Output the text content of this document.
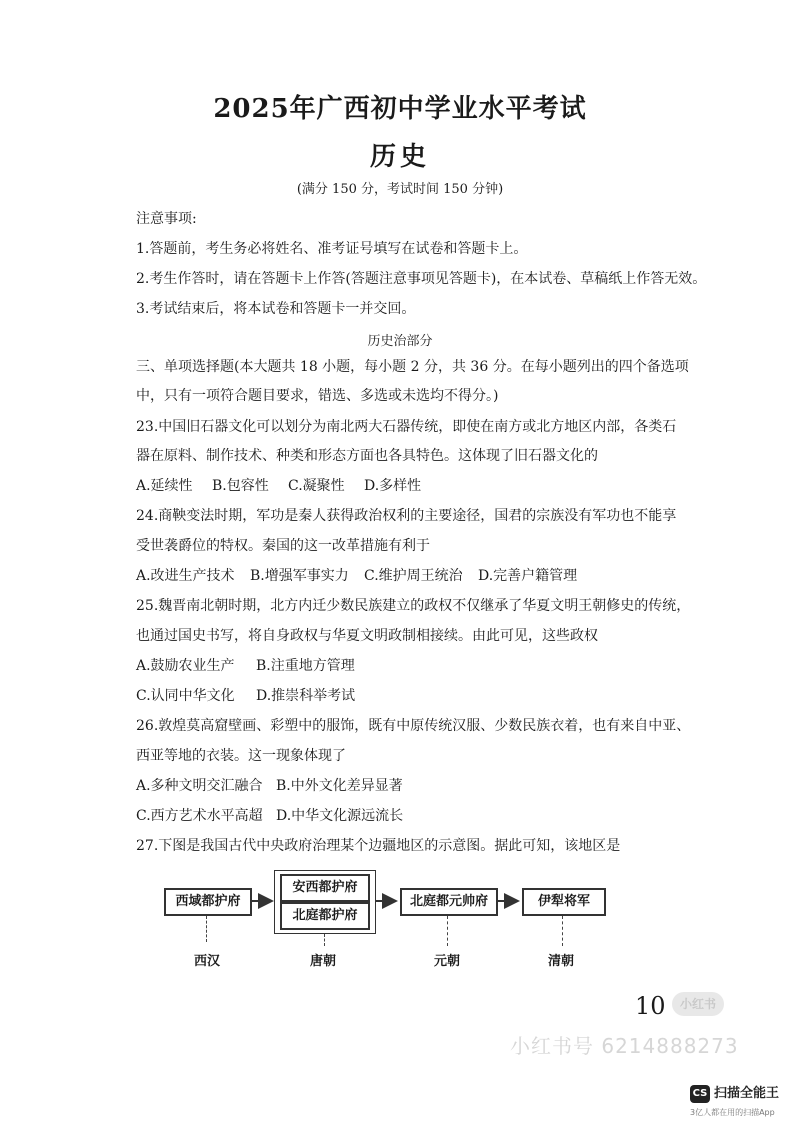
2025年广西初中学业水平考试
历史
(满分 150 分，考试时间 150 分钟)
注意事项:
1.答题前，考生务必将姓名、准考证号填写在试卷和答题卡上。
2.考生作答时，请在答题卡上作答(答题注意事项见答题卡)，在本试卷、草稿纸上作答无效。
3.考试结束后，将本试卷和答题卡一并交回。
历史治部分
三、单项选择题(本大题共 18 小题，每小题 2 分，共 36 分。在每小题列出的四个备选项
中，只有一项符合题目要求，错选、多选或未选均不得分。)
23.中国旧石器文化可以划分为南北两大石器传统，即使在南方或北方地区内部，各类石
器在原料、制作技术、种类和形态方面也各具特色。这体现了旧石器文化的
A.延续性 B.包容性 C.凝聚性 D.多样性
24.商鞅变法时期，军功是秦人获得政治权利的主要途径，国君的宗族没有军功也不能享
受世袭爵位的特权。秦国的这一改革措施有利于
A.改进生产技术 B.增强军事实力 C.维护周王统治 D.完善户籍管理
25.魏晋南北朝时期，北方内迁少数民族建立的政权不仅继承了华夏文明王朝修史的传统，
也通过国史书写，将自身政权与华夏文明政制相接续。由此可见，这些政权
A.鼓励农业生产 B.注重地方管理
C.认同中华文化 D.推崇科举考试
26.敦煌莫高窟壁画、彩塑中的服饰，既有中原传统汉服、少数民族衣着，也有来自中亚、
西亚等地的衣装。这一现象体现了
A.多种文明交汇融合 B.中外文化差异显著
C.西方艺术水平高超 D.中华文化源远流长
27.下图是我国古代中央政府治理某个边疆地区的示意图。据此可知，该地区是
西域都护府
安西都护府
北庭都护府
北庭都元帅府	伊犁将军
西汉	唐朝	元朝	清朝
10	小红书
小红书号 6214888273
CS 扫描全能王
3亿人都在用的扫描App
